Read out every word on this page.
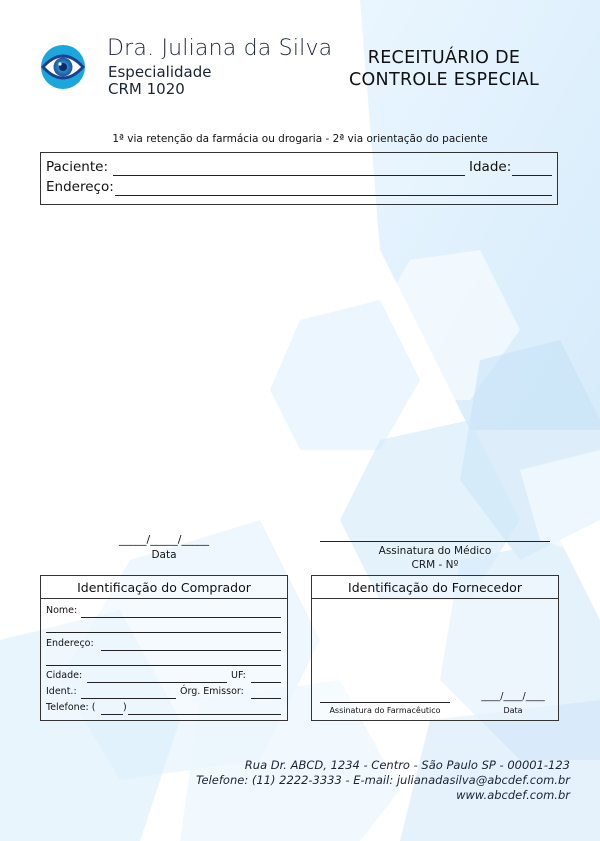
Dra. Juliana da Silva
Especialidade
CRM 1020
RECEITUÁRIO DE
CONTROLE ESPECIAL
1ª via retenção da farmácia ou drogaria - 2ª via orientação do paciente
Paciente:	Idade:
Endereço:
_____/_____/_____
Data	Assinatura do Médico
CRM - Nº
Identificação do Comprador
Nome:
Endereço:
Cidade:	UF:
Ident.:	Órg. Emissor:
Telefone: (	)
Identificação do Fornecedor
Assinatura do Farmacêutico
____/____/____
Data
Rua Dr. ABCD, 1234 - Centro - São Paulo SP - 00001-123
Telefone: (11) 2222-3333 - E-mail: julianadasilva@abcdef.com.br
www.abcdef.com.br
